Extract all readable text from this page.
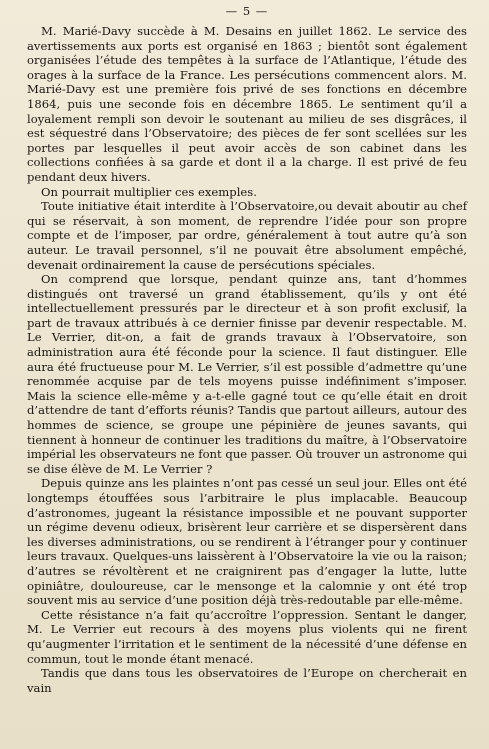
— 5 —

M. Marié-Davy succède à M. Desains en juillet 1862. Le service des avertissements aux ports est organisé en 1863 ; bientôt sont également organisées l’étude des tempêtes à la surface de l’Atlantique, l’étude des orages à la surface de la France. Les persécutions commencent alors. M. Marié-Davy est une première fois privé de ses fonctions en décembre 1864, puis une seconde fois en décembre 1865. Le sentiment qu’il a loyalement rempli son devoir le soutenant au milieu de ses disgrâces, il est séquestré dans l’Observatoire; des pièces de fer sont scellées sur les portes par lesquelles il peut avoir accès de son cabinet dans les collections confiées à sa garde et dont il a la charge. Il est privé de feu pendant deux hivers.

On pourrait multiplier ces exemples.

Toute initiative était interdite à l’Observatoire,ou devait aboutir au chef qui se réservait, à son moment, de reprendre l’idée pour son propre compte et de l’imposer, par ordre, généralement à tout autre qu’à son auteur. Le travail personnel, s’il ne pouvait être absolument empêché, devenait ordinairement la cause de persécutions spéciales.

On comprend que lorsque, pendant quinze ans, tant d’hommes distingués ont traversé un grand établissement, qu’ils y ont été intellectuellement pressurés par le directeur et à son profit exclusif, la part de travaux attribués à ce dernier finisse par devenir respectable. M. Le Verrier, dit-on, a fait de grands travaux à l’Observatoire, son administration aura été féconde pour la science. Il faut distinguer. Elle aura été fructueuse pour M. Le Verrier, s’il est possible d’admettre qu’une renommée acquise par de tels moyens puisse indéfiniment s’imposer. Mais la science elle-même y a-t-elle gagné tout ce qu’elle était en droit d’attendre de tant d’efforts réunis? Tandis que partout ailleurs, autour des hommes de science, se groupe une pépinière de jeunes savants, qui tiennent à honneur de continuer les traditions du maître, à l’Observatoire impérial les observateurs ne font que passer. Où trouver un astronome qui se dise élève de M. Le Verrier ?

Depuis quinze ans les plaintes n’ont pas cessé un seul jour. Elles ont été longtemps étouffées sous l’arbitraire le plus implacable. Beaucoup d’astronomes, jugeant la résistance impossible et ne pouvant supporter un régime devenu odieux, brisèrent leur carrière et se dispersèrent dans les diverses administrations, ou se rendirent à l’étranger pour y continuer leurs travaux. Quelques-uns laissèrent à l’Observatoire la vie ou la raison; d’autres se révoltèrent et ne craignirent pas d’engager la lutte, lutte opiniâtre, douloureuse, car le mensonge et la calomnie y ont été trop souvent mis au service d’une position déjà très-redoutable par elle-même.

Cette résistance n’a fait qu’accroître l’oppression. Sentant le danger, M. Le Verrier eut recours à des moyens plus violents qui ne firent qu’augmenter l’irritation et le sentiment de la nécessité d’une défense en commun, tout le monde étant menacé.

Tandis que dans tous les observatoires de l’Europe on chercherait en vain
